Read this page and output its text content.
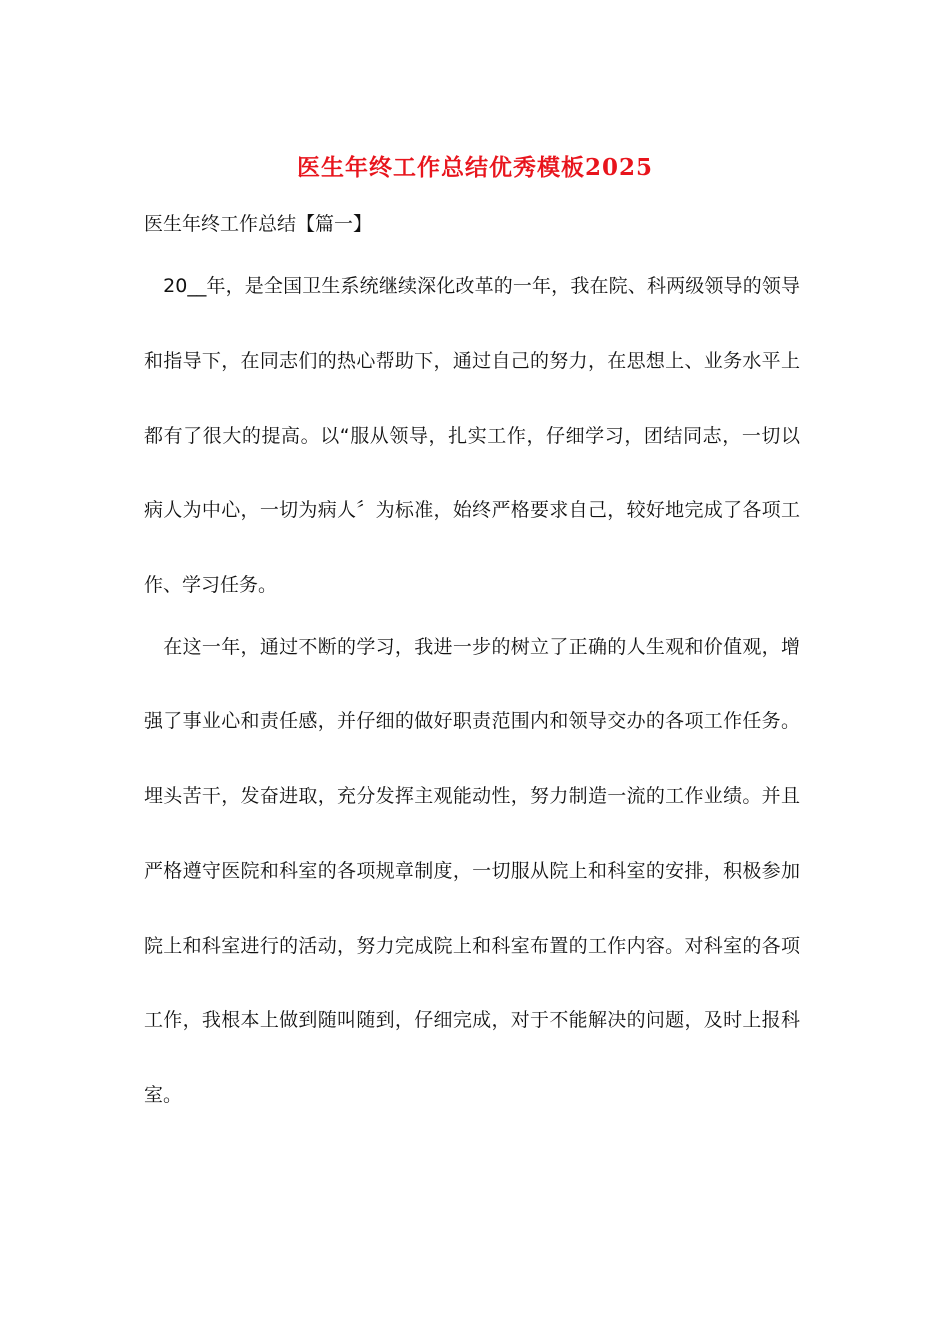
医生年终工作总结优秀模板2025

医生年终工作总结【篇一】

　20__年，是全国卫生系统继续深化改革的一年，我在院、科两级领导的领导

和指导下，在同志们的热心帮助下，通过自己的努力，在思想上、业务水平上

都有了很大的提高。以“服从领导，扎实工作，仔细学习，团结同志，一切以

病人为中心，一切为病人〞为标准，始终严格要求自己，较好地完成了各项工

作、学习任务。

　在这一年，通过不断的学习，我进一步的树立了正确的人生观和价值观，增

强了事业心和责任感，并仔细的做好职责范围内和领导交办的各项工作任务。

埋头苦干，发奋进取，充分发挥主观能动性，努力制造一流的工作业绩。并且

严格遵守医院和科室的各项规章制度，一切服从院上和科室的安排，积极参加

院上和科室进行的活动，努力完成院上和科室布置的工作内容。对科室的各项

工作，我根本上做到随叫随到，仔细完成，对于不能解决的问题，及时上报科

室。
